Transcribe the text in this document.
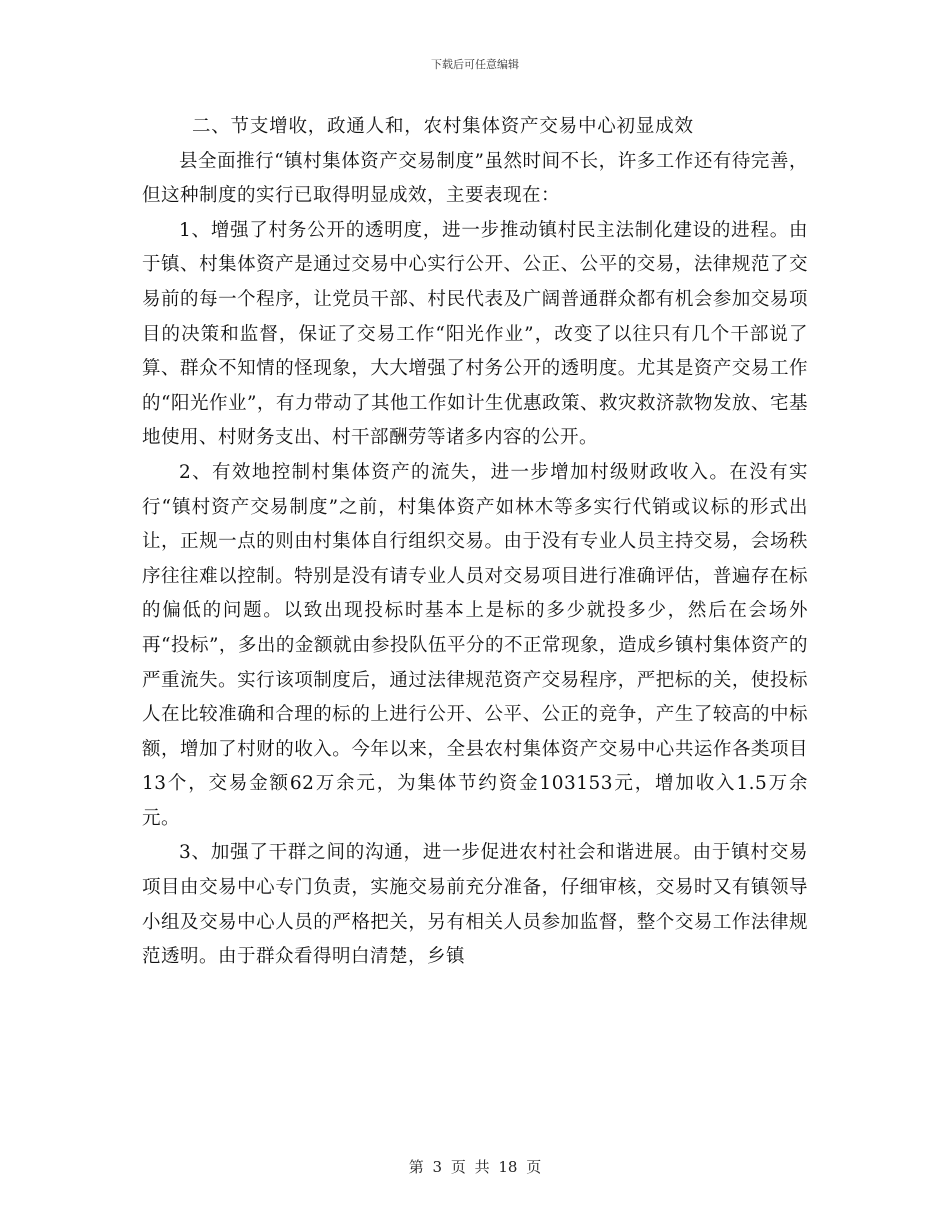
下载后可任意编辑

二、节支增收，政通人和，农村集体资产交易中心初显成效

县全面推行“镇村集体资产交易制度”虽然时间不长，许多工作还有待完善，但这种制度的实行已取得明显成效，主要表现在：

1、增强了村务公开的透明度，进一步推动镇村民主法制化建设的进程。由于镇、村集体资产是通过交易中心实行公开、公正、公平的交易，法律规范了交易前的每一个程序，让党员干部、村民代表及广阔普通群众都有机会参加交易项目的决策和监督，保证了交易工作“阳光作业”，改变了以往只有几个干部说了算、群众不知情的怪现象，大大增强了村务公开的透明度。尤其是资产交易工作的“阳光作业”，有力带动了其他工作如计生优惠政策、救灾救济款物发放、宅基地使用、村财务支出、村干部酬劳等诸多内容的公开。

2、有效地控制村集体资产的流失，进一步增加村级财政收入。在没有实行“镇村资产交易制度”之前，村集体资产如林木等多实行代销或议标的形式出让，正规一点的则由村集体自行组织交易。由于没有专业人员主持交易，会场秩序往往难以控制。特别是没有请专业人员对交易项目进行准确评估，普遍存在标的偏低的问题。以致出现投标时基本上是标的多少就投多少，然后在会场外再“投标”，多出的金额就由参投队伍平分的不正常现象，造成乡镇村集体资产的严重流失。实行该项制度后，通过法律规范资产交易程序，严把标的关，使投标人在比较准确和合理的标的上进行公开、公平、公正的竞争，产生了较高的中标额，增加了村财的收入。今年以来，全县农村集体资产交易中心共运作各类项目13个，交易金额62万余元，为集体节约资金103153元，增加收入1.5万余元。

3、加强了干群之间的沟通，进一步促进农村社会和谐进展。由于镇村交易项目由交易中心专门负责，实施交易前充分准备，仔细审核，交易时又有镇领导小组及交易中心人员的严格把关，另有相关人员参加监督，整个交易工作法律规范透明。由于群众看得明白清楚，乡镇

第 3 页 共 18 页
